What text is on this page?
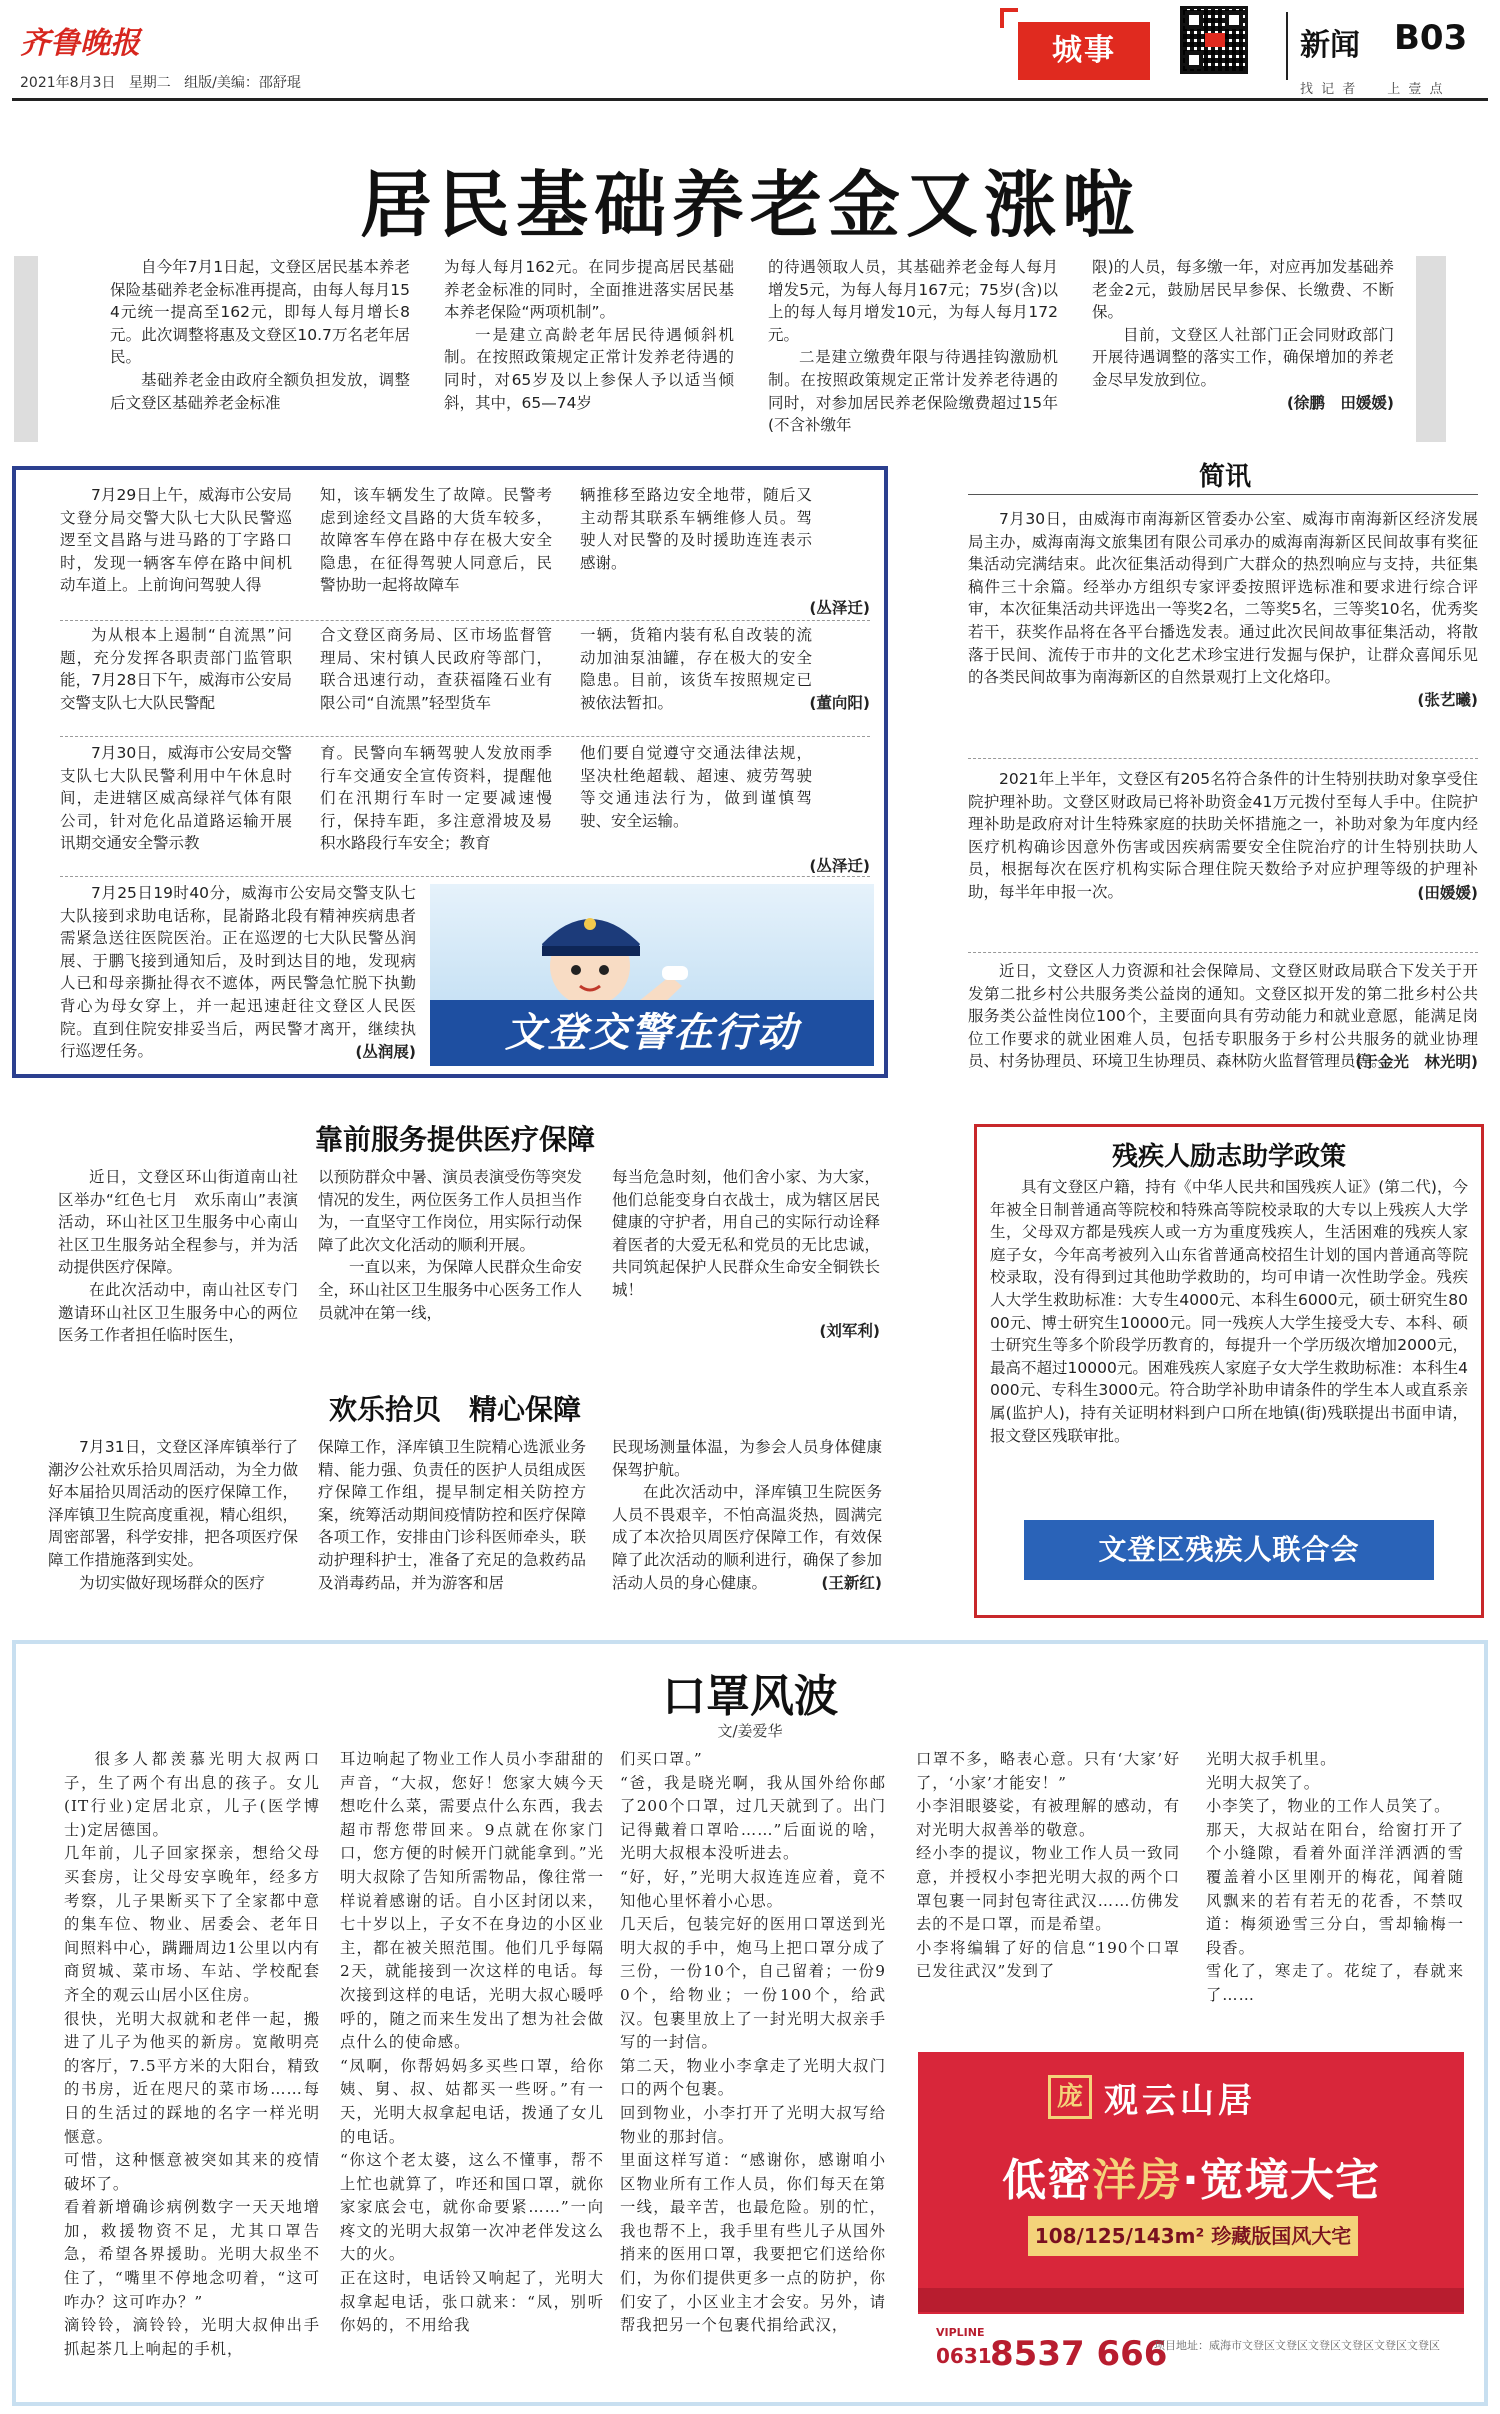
齐鲁晚报
2021年8月3日 星期二 组版/美编：邵舒琨
城事	新闻 B03
找 记 者　　上 壹 点
居民基础养老金又涨啦

自今年7月1日起，文登区居民基本养老保险基础养老金标准再提高，由每人每月154元统一提高至162元，即每人每月增长8元。此次调整将惠及文登区10.7万名老年居民。

基础养老金由政府全额负担发放，调整后文登区基础养老金标准

为每人每月162元。在同步提高居民基础养老金标准的同时，全面推进落实居民基本养老保险“两项机制”。

一是建立高龄老年居民待遇倾斜机制。在按照政策规定正常计发养老待遇的同时，对65岁及以上参保人予以适当倾斜，其中，65—74岁

的待遇领取人员，其基础养老金每人每月增发5元，为每人每月167元；75岁(含)以上的每人每月增发10元，为每人每月172元。

二是建立缴费年限与待遇挂钩激励机制。在按照政策规定正常计发养老待遇的同时，对参加居民养老保险缴费超过15年(不含补缴年

限)的人员，每多缴一年，对应再加发基础养老金2元，鼓励居民早参保、长缴费、不断保。

目前，文登区人社部门正会同财政部门开展待遇调整的落实工作，确保增加的养老金尽早发放到位。

(徐鹏　田媛媛)

7月29日上午，威海市公安局文登分局交警大队七大队民警巡逻至文昌路与进马路的丁字路口时，发现一辆客车停在路中间机动车道上。上前询问驾驶人得

知，该车辆发生了故障。民警考虑到途经文昌路的大货车较多，故障客车停在路中存在极大安全隐患，在征得驾驶人同意后，民警协助一起将故障车
辆推移至路边安全地带，随后又主动帮其联系车辆维修人员。驾驶人对民警的及时援助连连表示感谢。
(丛泽迁)

为从根本上遏制“自流黑”问题，充分发挥各职责部门监管职能，7月28日下午，威海市公安局交警支队七大队民警配

合文登区商务局、区市场监督管理局、宋村镇人民政府等部门，联合迅速行动，查获福隆石业有限公司“自流黑”轻型货车
一辆，货箱内装有私自改装的流动加油泵油罐，存在极大的安全隐患。目前，该货车按照规定已被依法暂扣。	(董向阳)

7月30日，威海市公安局交警支队七大队民警利用中午休息时间，走进辖区威高绿祥气体有限公司，针对危化品道路运输开展讯期交通安全警示教

育。民警向车辆驾驶人发放雨季行车交通安全宣传资料，提醒他们在汛期行车时一定要减速慢行，保持车距，多注意滑坡及易积水路段行车安全；教育
他们要自觉遵守交通法律法规，坚决杜绝超载、超速、疲劳驾驶等交通违法行为，做到谨慎驾驶、安全运输。
(丛泽迁)

7月25日19时40分，威海市公安局交警支队七大队接到求助电话称，昆嵛路北段有精神疾病患者需紧急送往医院医治。正在巡逻的七大队民警丛润展、于鹏飞接到通知后，及时到达目的地，发现病人已和母亲撕扯得衣不遮体，两民警急忙脱下执勤背心为母女穿上，并一起迅速赶往文登区人民医院。直到住院安排妥当后，两民警才离开，继续执行巡逻任务。	(丛润展)	文登交警在行动
简讯

7月30日，由威海市南海新区管委办公室、威海市南海新区经济发展局主办，威海南海文旅集团有限公司承办的威海南海新区民间故事有奖征集活动完满结束。此次征集活动得到广大群众的热烈响应与支持，共征集稿件三十余篇。经举办方组织专家评委按照评选标准和要求进行综合评审，本次征集活动共评选出一等奖2名，二等奖5名，三等奖10名，优秀奖若干，获奖作品将在各平台播选发表。通过此次民间故事征集活动，将散落于民间、流传于市井的文化艺术珍宝进行发掘与保护，让群众喜闻乐见的各类民间故事为南海新区的自然景观打上文化烙印。

(张艺曦)

2021年上半年，文登区有205名符合条件的计生特别扶助对象享受住院护理补助。文登区财政局已将补助资金41万元拨付至每人手中。住院护理补助是政府对计生特殊家庭的扶助关怀措施之一，补助对象为年度内经医疗机构确诊因意外伤害或因疾病需要安全住院治疗的计生特别扶助人员，根据每次在医疗机构实际合理住院天数给予对应护理等级的护理补助，每半年申报一次。	(田媛媛)

近日，文登区人力资源和社会保障局、文登区财政局联合下发关于开发第二批乡村公共服务类公益岗的通知。文登区拟开发的第二批乡村公共服务类公益性岗位100个，主要面向具有劳动能力和就业意愿，能满足岗位工作要求的就业困难人员，包括专职服务于乡村公共服务的就业协理员、村务协理员、环境卫生协理员、森林防火监督管理员等。

(于金光　林光明)
靠前服务提供医疗保障

近日，文登区环山街道南山社区举办“红色七月　欢乐南山”表演活动，环山社区卫生服务中心南山社区卫生服务站全程参与，并为活动提供医疗保障。

在此次活动中，南山社区专门邀请环山社区卫生服务中心的两位医务工作者担任临时医生，

以预防群众中暑、演员表演受伤等突发情况的发生，两位医务工作人员担当作为，一直坚守工作岗位，用实际行动保障了此次文化活动的顺利开展。

一直以来，为保障人民群众生命安全，环山社区卫生服务中心医务工作人员就冲在第一线，

每当危急时刻，他们舍小家、为大家，他们总能变身白衣战士，成为辖区居民健康的守护者，用自己的实际行动诠释着医者的大爱无私和党员的无比忠诚，共同筑起保护人民群众生命安全铜铁长城！
(刘军利)
欢乐拾贝　精心保障

7月31日，文登区泽库镇举行了潮汐公社欢乐拾贝周活动，为全力做好本届拾贝周活动的医疗保障工作，泽库镇卫生院高度重视，精心组织，周密部署，科学安排，把各项医疗保障工作措施落到实处。

为切实做好现场群众的医疗

保障工作，泽库镇卫生院精心选派业务精、能力强、负责任的医护人员组成医疗保障工作组，提早制定相关防控方案，统筹活动期间疫情防控和医疗保障各项工作，安排由门诊科医师牵头，联动护理科护士，准备了充足的急救药品及消毒药品，并为游客和居
民现场测量体温，为参会人员身体健康保驾护航。

在此次活动中，泽库镇卫生院医务人员不畏艰辛，不怕高温炎热，圆满完成了本次拾贝周医疗保障工作，有效保障了此次活动的顺利进行，确保了参加活动人员的身心健康。	(王新红)
残疾人励志助学政策

具有文登区户籍，持有《中华人民共和国残疾人证》(第二代)，今年被全日制普通高等院校和特殊高等院校录取的大专以上残疾人大学生，父母双方都是残疾人或一方为重度残疾人，生活困难的残疾人家庭子女，今年高考被列入山东省普通高校招生计划的国内普通高等院校录取，没有得到过其他助学救助的，均可申请一次性助学金。残疾人大学生救助标准：大专生4000元、本科生6000元，硕士研究生8000元、博士研究生10000元。同一残疾人大学生接受大专、本科、硕士研究生等多个阶段学历教育的，每提升一个学历级次增加2000元，最高不超过10000元。困难残疾人家庭子女大学生救助标准：本科生4000元、专科生3000元。符合助学补助申请条件的学生本人或直系亲属(监护人)，持有关证明材料到户口所在地镇(街)残联提出书面申请，报文登区残联审批。

文登区残疾人联合会
口罩风波
文/姜爱华
很多人都羡慕光明大叔两口子，生了两个有出息的孩子。女儿(IT行业)定居北京，儿子(医学博士)定居德国。
几年前，儿子回家探亲，想给父母买套房，让父母安享晚年，经多方考察，儿子果断买下了全家都中意的集车位、物业、居委会、老年日间照料中心，蹒跚周边1公里以内有商贸城、菜市场、车站、学校配套齐全的观云山居小区住房。
很快，光明大叔就和老伴一起，搬进了儿子为他买的新房。宽敞明亮的客厅，7.5平方米的大阳台，精致的书房，近在咫尺的菜市场……每日的生活过的踩地的名字一样光明惬意。
可惜，这种惬意被突如其来的疫情破坏了。
看着新增确诊病例数字一天天地增加，救援物资不足，尤其口罩告急，希望各界援助。光明大叔坐不住了，“嘴里不停地念叨着，“这可咋办？这可咋办？”
滴铃铃，滴铃铃，光明大叔伸出手抓起茶几上响起的手机，
耳边响起了物业工作人员小李甜甜的声音，“大叔，您好！您家大姨今天想吃什么菜，需要点什么东西，我去超市帮您带回来。9点就在你家门口，您方便的时候开门就能拿到。”光明大叔除了告知所需物品，像往常一样说着感谢的话。自小区封闭以来，七十岁以上，子女不在身边的小区业主，都在被关照范围。他们几乎每隔2天，就能接到一次这样的电话。每次接到这样的电话，光明大叔心暖呼呼的，随之而来生发出了想为社会做点什么的使命感。
“凤啊，你帮妈妈多买些口罩，给你姨、舅、叔、姑都买一些呀。”有一天，光明大叔拿起电话，拨通了女儿的电话。
“你这个老太婆，这么不懂事，帮不上忙也就算了，咋还和国口罩，就你家家底会屯，就你命要紧……”一向疼文的光明大叔第一次冲老伴发这么大的火。
正在这时，电话铃又响起了，光明大叔拿起电话，张口就来：“凤，别听你妈的，不用给我
们买口罩。”
“爸，我是晓光啊，我从国外给你邮了200个口罩，过几天就到了。出门记得戴着口罩哈……”后面说的啥，光明大叔根本没听进去。
“好，好，”光明大叔连连应着，竟不知他心里怀着小心思。
几天后，包装完好的医用口罩送到光明大叔的手中，炮马上把口罩分成了三份，一份10个，自己留着；一份90个，给物业；一份100个，给武汉。包裹里放上了一封光明大叔亲手写的一封信。
第二天，物业小李拿走了光明大叔门口的两个包裹。
回到物业，小李打开了光明大叔写给物业的那封信。
里面这样写道：“感谢你，感谢咱小区物业所有工作人员，你们每天在第一线，最辛苦，也最危险。别的忙，我也帮不上，我手里有些儿子从国外捎来的医用口罩，我要把它们送给你们，为你们提供更多一点的防护，你们安了，小区业主才会安。另外，请帮我把另一个包裹代捐给武汉，
口罩不多，略表心意。只有‘大家’好了，‘小家’才能安！”
小李泪眼婆娑，有被理解的感动，有对光明大叔善举的敬意。
经小李的提议，物业工作人员一致同意，并授权小李把光明大叔的两个口罩包裹一同封包寄往武汉……仿佛发去的不是口罩，而是希望。
小李将编辑了好的信息“190个口罩已发往武汉”发到了
光明大叔手机里。
光明大叔笑了。
小李笑了，物业的工作人员笑了。
那天，大叔站在阳台，给窗打开了个小缝隙，看着外面洋洋洒洒的雪覆盖着小区里刚开的梅花，闻着随风飘来的若有若无的花香，不禁叹道：梅须逊雪三分白，雪却输梅一段香。
雪化了，寒走了。花绽了，春就来了……
庞 观云山居
低密洋房·宽境大宅
108/125/143m² 珍藏版国风大宅
VIPLINE
0631
8537 666
项目地址：威海市文登区文登区文登区文登区文登区文登区
